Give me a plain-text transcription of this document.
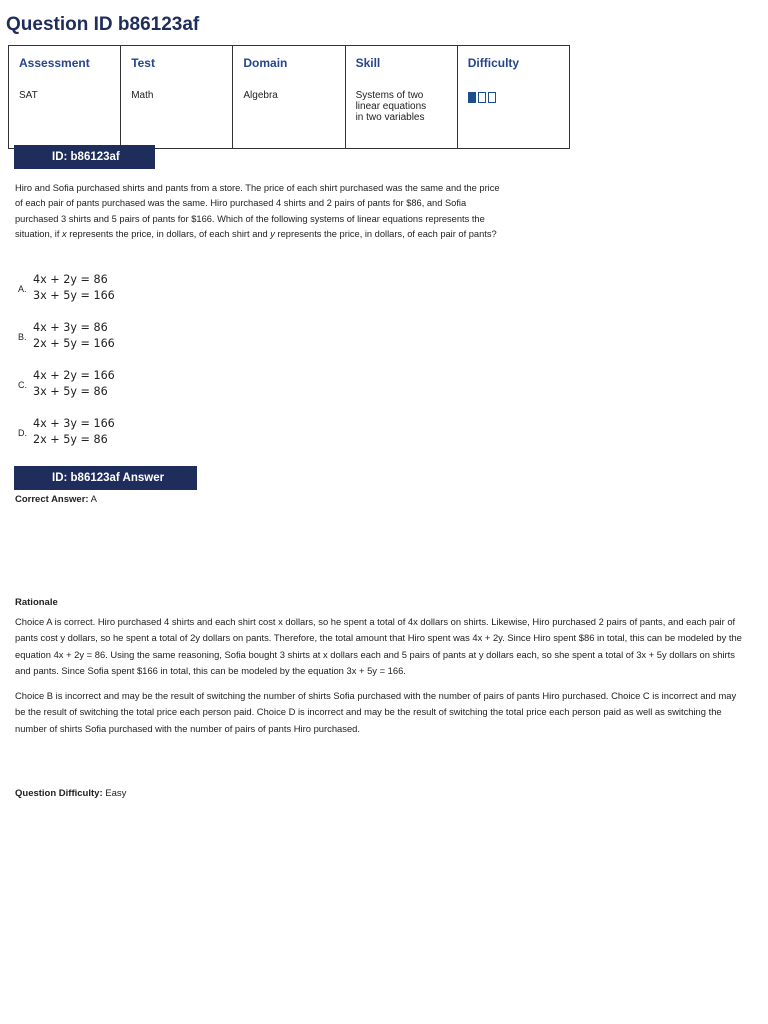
Question ID b86123af
Assessment	Test	Domain	Skill	Difficulty
SAT	Math	Algebra	Systems of two linear equations in two variables	
ID: b86123af

Hiro and Sofia purchased shirts and pants from a store. The price of each shirt purchased was the same and the price of each pair of pants purchased was the same. Hiro purchased 4 shirts and 2 pairs of pants for $86, and Sofia purchased 3 shirts and 5 pairs of pants for $166. Which of the following systems of linear equations represents the situation, if x represents the price, in dollars, of each shirt and y represents the price, in dollars, of each pair of pants?

A.
4x + 2y = 86
3x + 5y = 166
B.
4x + 3y = 86
2x + 5y = 166
C.
4x + 2y = 166
3x + 5y = 86
D.
4x + 3y = 166
2x + 5y = 86
ID: b86123af Answer
Correct Answer: A
Rationale

Choice A is correct. Hiro purchased 4 shirts and each shirt cost x dollars, so he spent a total of 4x dollars on shirts. Likewise, Hiro purchased 2 pairs of pants, and each pair of pants cost y dollars, so he spent a total of 2y dollars on pants. Therefore, the total amount that Hiro spent was 4x + 2y. Since Hiro spent $86 in total, this can be modeled by the equation 4x + 2y = 86. Using the same reasoning, Sofia bought 3 shirts at x dollars each and 5 pairs of pants at y dollars each, so she spent a total of 3x + 5y dollars on shirts and pants. Since Sofia spent $166 in total, this can be modeled by the equation 3x + 5y = 166.

Choice B is incorrect and may be the result of switching the number of shirts Sofia purchased with the number of pairs of pants Hiro purchased. Choice C is incorrect and may be the result of switching the total price each person paid. Choice D is incorrect and may be the result of switching the total price each person paid as well as switching the number of shirts Sofia purchased with the number of pairs of pants Hiro purchased.

Question Difficulty: Easy
